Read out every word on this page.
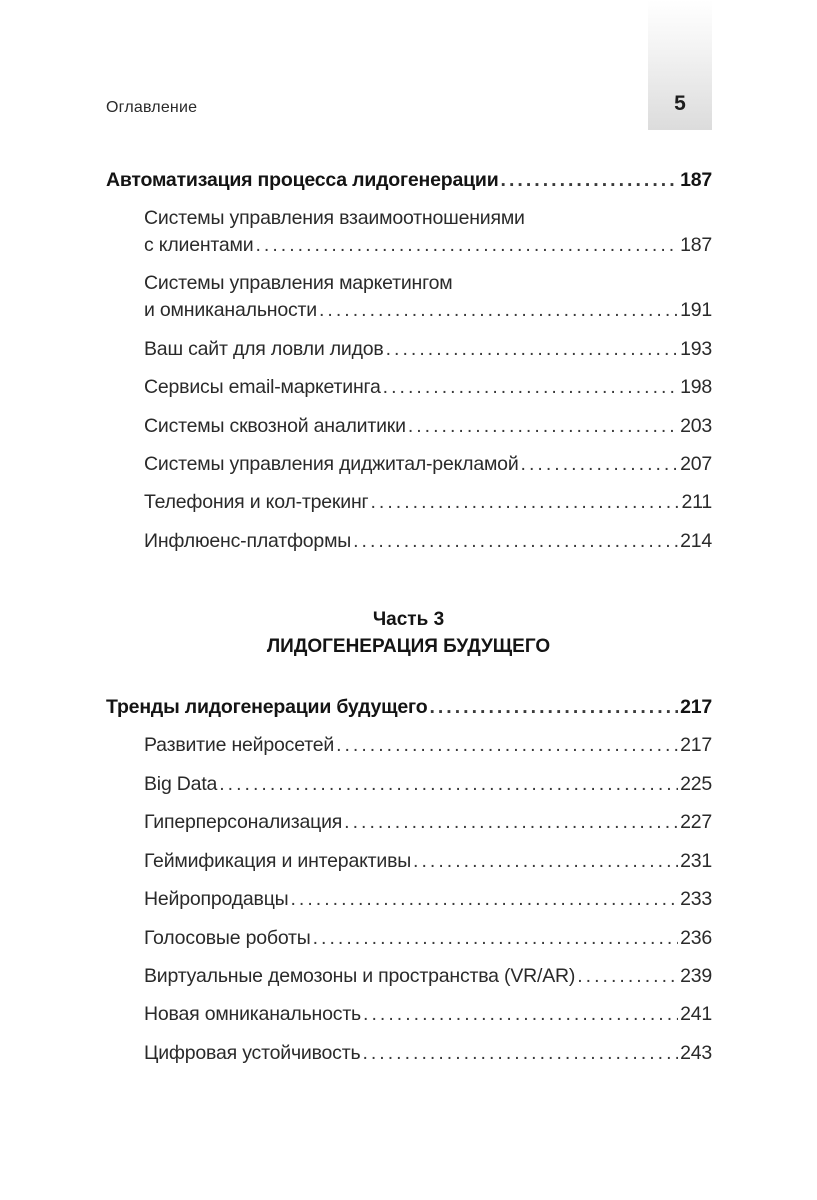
5
Оглавление
Автоматизация процесса лидогенерации . . .	187
Системы управления взаимоотношениями
с клиентами . . .	187
Системы управления маркетингом
и омниканальности . . .	191
Ваш сайт для ловли лидов . . .	193
Сервисы email-маркетинга . . .	198
Системы сквозной аналитики . . .	203
Системы управления диджитал-рекламой . . .	207
Телефония и кол-трекинг . . .	211
Инфлюенс-платформы . . .	214
Часть 3
ЛИДОГЕНЕРАЦИЯ БУДУЩЕГО
Тренды лидогенерации будущего . . .	217
Развитие нейросетей . . .	217
Big Data . . .	225
Гиперперсонализация . . .	227
Геймификация и интерактивы . . .	231
Нейропродавцы . . .	233
Голосовые роботы . . .	236
Виртуальные демозоны и пространства (VR/AR) . . .	239
Новая омниканальность . . .	241
Цифровая устойчивость . . .	243
